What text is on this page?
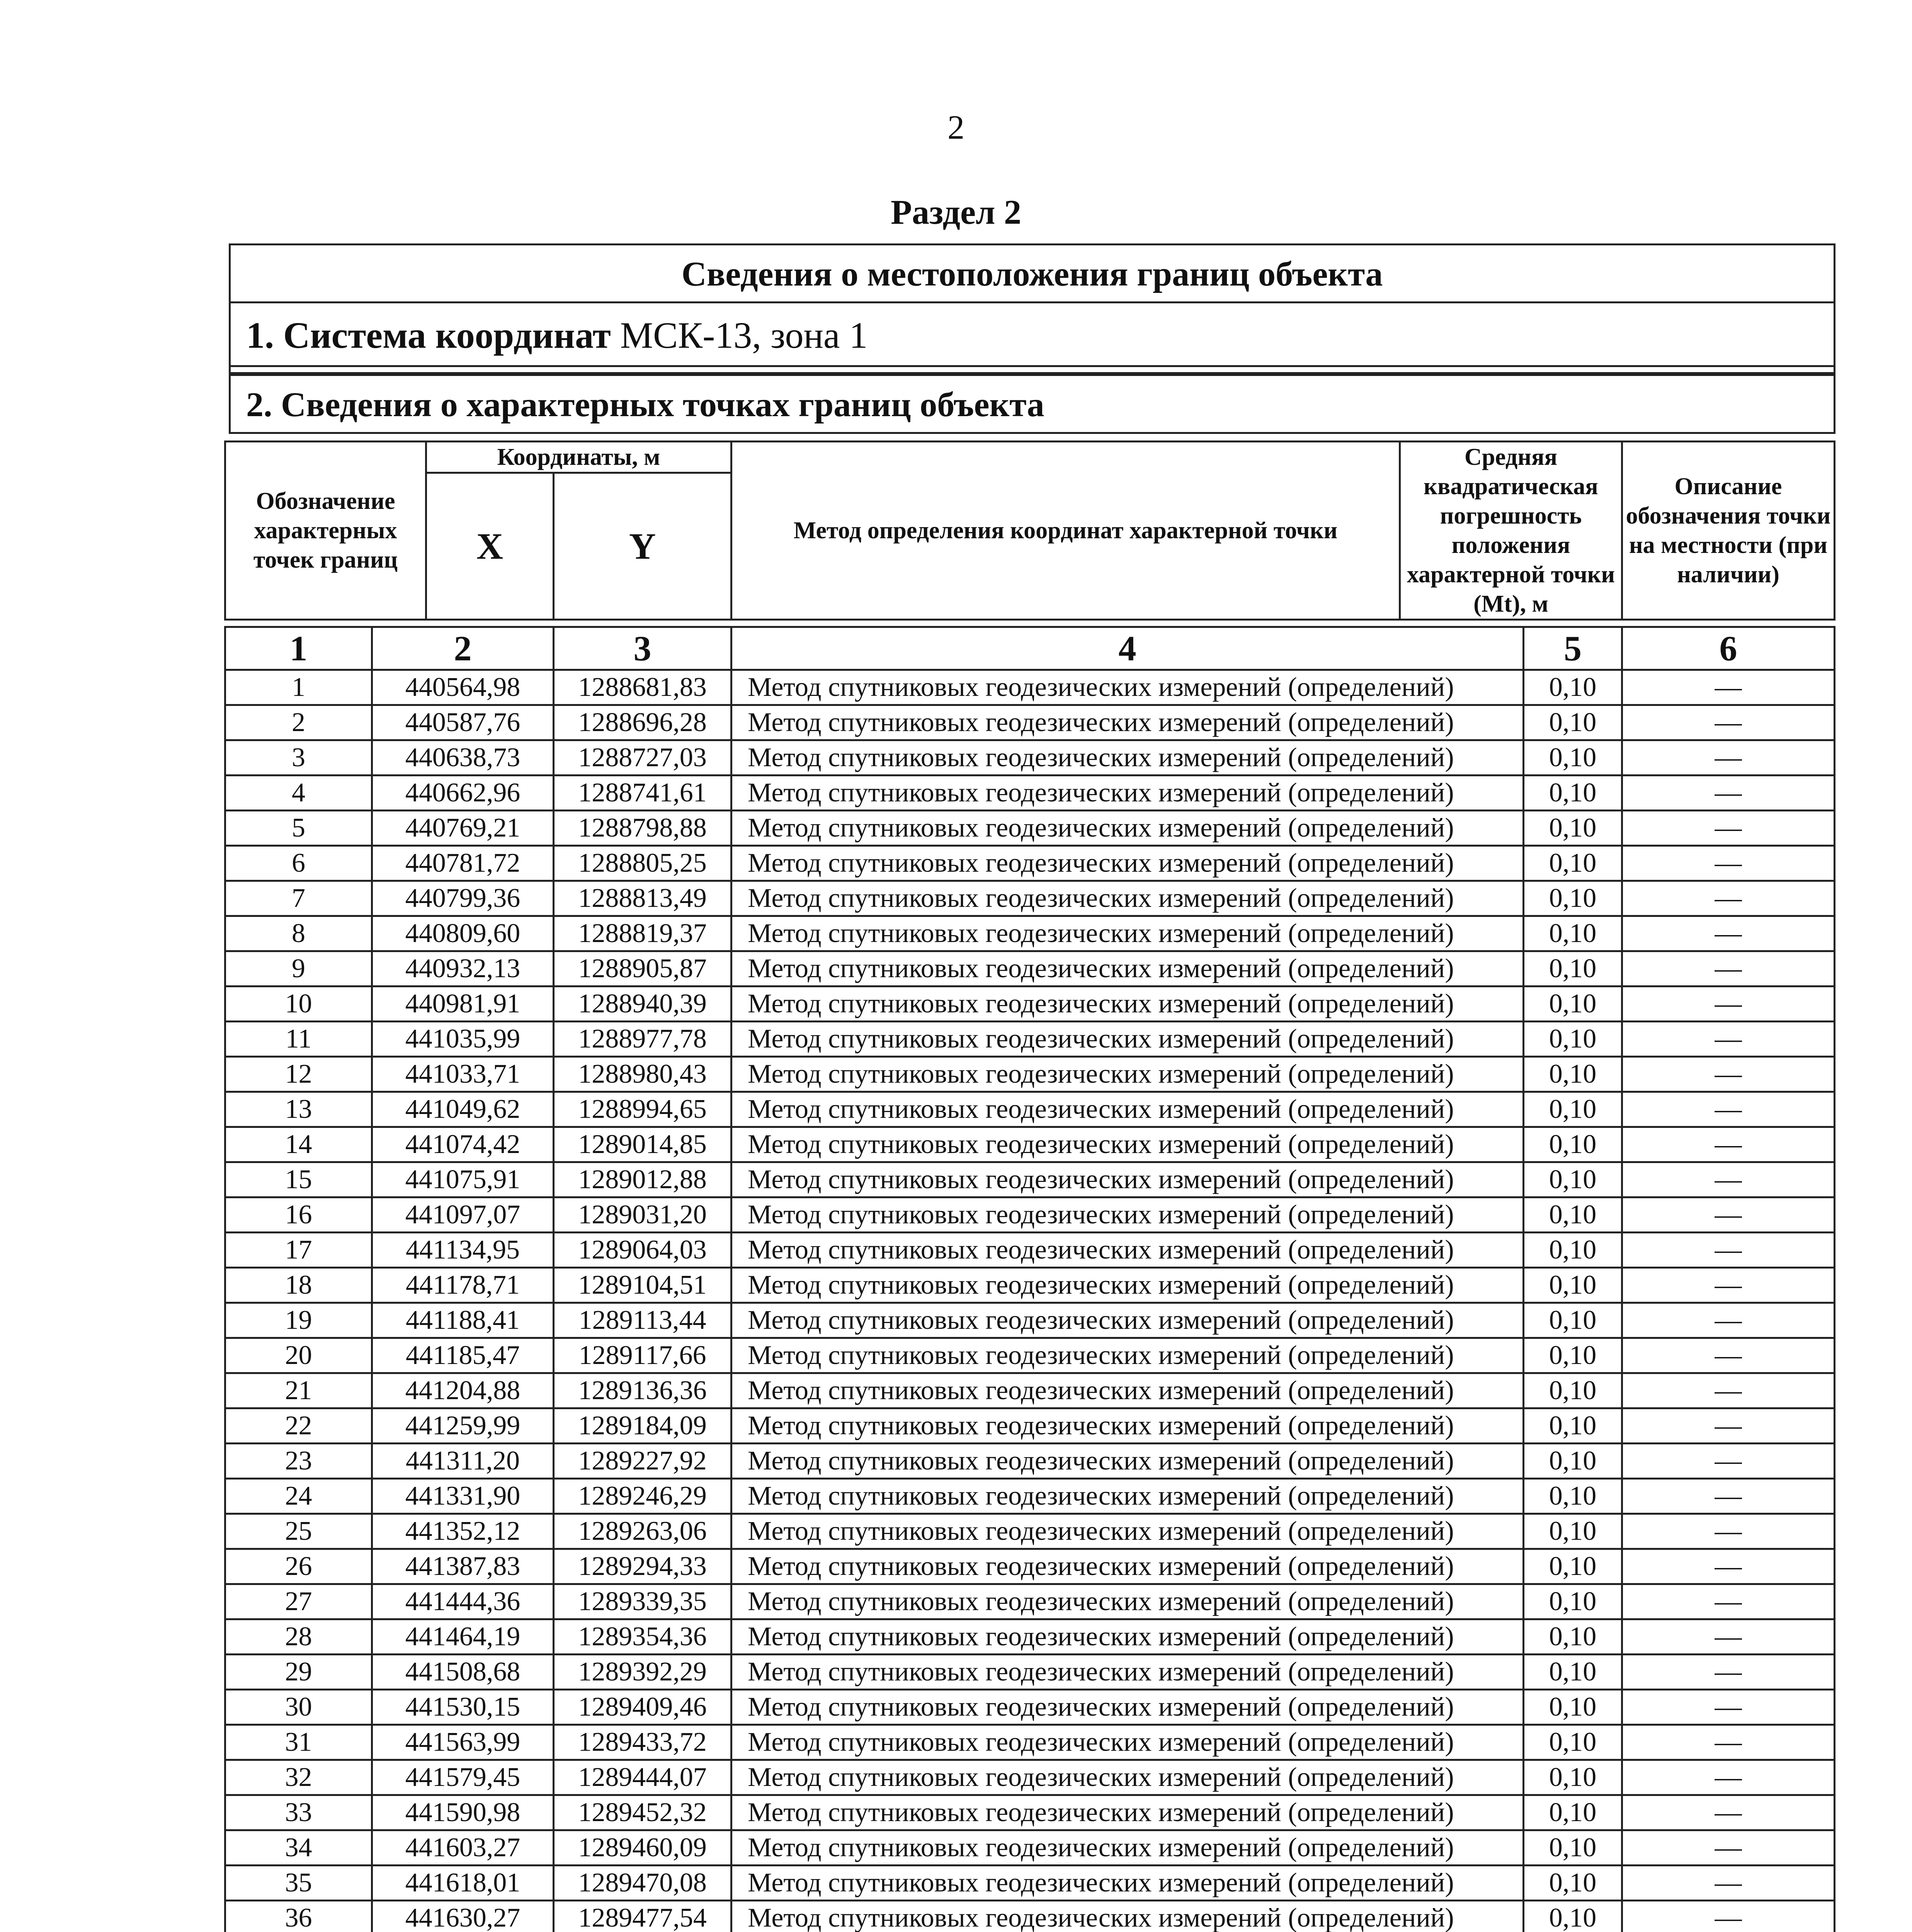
2
Раздел 2
Сведения о местоположения границ объекта
1. Система координат МСК-13, зона 1
2. Сведения о характерных точках границ объекта
Обозначение характерных точек границ	Координаты, м		Метод определения координат характерной точки	Средняя квадратическая погрешность положения характерной точки (Mt), м	Описание обозначения точки на местности (при наличии)
	X	Y			
1	2	3	4	5	6
1	440564,98	1288681,83	Метод спутниковых геодезических измерений (определений)	0,10	—
2	440587,76	1288696,28	Метод спутниковых геодезических измерений (определений)	0,10	—
3	440638,73	1288727,03	Метод спутниковых геодезических измерений (определений)	0,10	—
4	440662,96	1288741,61	Метод спутниковых геодезических измерений (определений)	0,10	—
5	440769,21	1288798,88	Метод спутниковых геодезических измерений (определений)	0,10	—
6	440781,72	1288805,25	Метод спутниковых геодезических измерений (определений)	0,10	—
7	440799,36	1288813,49	Метод спутниковых геодезических измерений (определений)	0,10	—
8	440809,60	1288819,37	Метод спутниковых геодезических измерений (определений)	0,10	—
9	440932,13	1288905,87	Метод спутниковых геодезических измерений (определений)	0,10	—
10	440981,91	1288940,39	Метод спутниковых геодезических измерений (определений)	0,10	—
11	441035,99	1288977,78	Метод спутниковых геодезических измерений (определений)	0,10	—
12	441033,71	1288980,43	Метод спутниковых геодезических измерений (определений)	0,10	—
13	441049,62	1288994,65	Метод спутниковых геодезических измерений (определений)	0,10	—
14	441074,42	1289014,85	Метод спутниковых геодезических измерений (определений)	0,10	—
15	441075,91	1289012,88	Метод спутниковых геодезических измерений (определений)	0,10	—
16	441097,07	1289031,20	Метод спутниковых геодезических измерений (определений)	0,10	—
17	441134,95	1289064,03	Метод спутниковых геодезических измерений (определений)	0,10	—
18	441178,71	1289104,51	Метод спутниковых геодезических измерений (определений)	0,10	—
19	441188,41	1289113,44	Метод спутниковых геодезических измерений (определений)	0,10	—
20	441185,47	1289117,66	Метод спутниковых геодезических измерений (определений)	0,10	—
21	441204,88	1289136,36	Метод спутниковых геодезических измерений (определений)	0,10	—
22	441259,99	1289184,09	Метод спутниковых геодезических измерений (определений)	0,10	—
23	441311,20	1289227,92	Метод спутниковых геодезических измерений (определений)	0,10	—
24	441331,90	1289246,29	Метод спутниковых геодезических измерений (определений)	0,10	—
25	441352,12	1289263,06	Метод спутниковых геодезических измерений (определений)	0,10	—
26	441387,83	1289294,33	Метод спутниковых геодезических измерений (определений)	0,10	—
27	441444,36	1289339,35	Метод спутниковых геодезических измерений (определений)	0,10	—
28	441464,19	1289354,36	Метод спутниковых геодезических измерений (определений)	0,10	—
29	441508,68	1289392,29	Метод спутниковых геодезических измерений (определений)	0,10	—
30	441530,15	1289409,46	Метод спутниковых геодезических измерений (определений)	0,10	—
31	441563,99	1289433,72	Метод спутниковых геодезических измерений (определений)	0,10	—
32	441579,45	1289444,07	Метод спутниковых геодезических измерений (определений)	0,10	—
33	441590,98	1289452,32	Метод спутниковых геодезических измерений (определений)	0,10	—
34	441603,27	1289460,09	Метод спутниковых геодезических измерений (определений)	0,10	—
35	441618,01	1289470,08	Метод спутниковых геодезических измерений (определений)	0,10	—
36	441630,27	1289477,54	Метод спутниковых геодезических измерений (определений)	0,10	—
